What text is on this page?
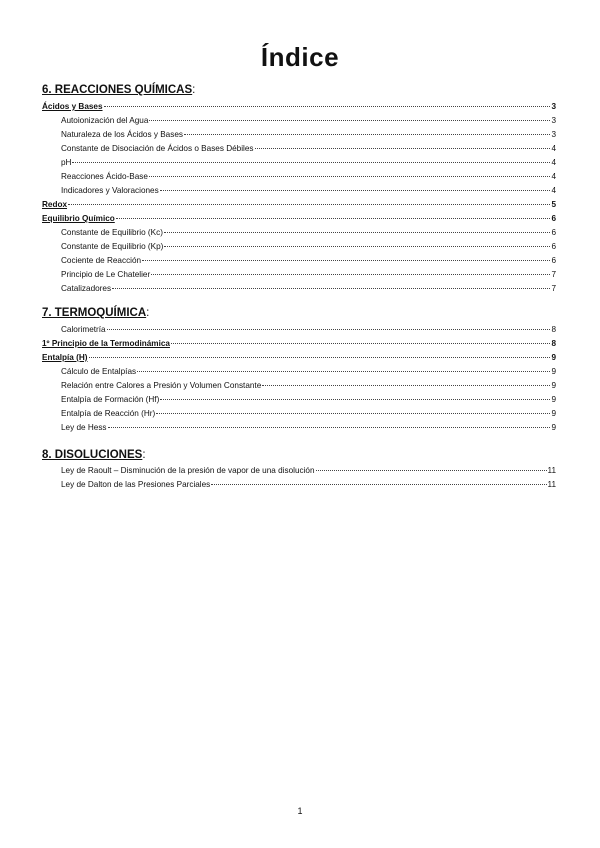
Índice
6. REACCIONES QUÍMICAS:
Ácidos y Bases	3
Autoionización del Agua	3
Naturaleza de los Ácidos y Bases	3
Constante de Disociación de Ácidos o Bases Débiles	4
pH	4
Reacciones Ácido-Base	4
Indicadores y Valoraciones	4
Redox	5
Equilibrio Químico	6
Constante de Equilibrio (Kc)	6
Constante de Equilibrio (Kp)	6
Cociente de Reacción	6
Principio de Le Chatelier	7
Catalizadores	7
7. TERMOQUÍMICA:
Calorimetría	8
1º Principio de la Termodinámica	8
Entalpía (H)	9
Cálculo de Entalpías	9
Relación entre Calores a Presión y Volumen Constante	9
Entalpía de Formación (Hf)	9
Entalpía de Reacción (Hr)	9
Ley de Hess	9
8. DISOLUCIONES:
Ley de Raoult – Disminución de la presión de vapor de una disolución	11
Ley de Dalton de las Presiones Parciales	11
1
